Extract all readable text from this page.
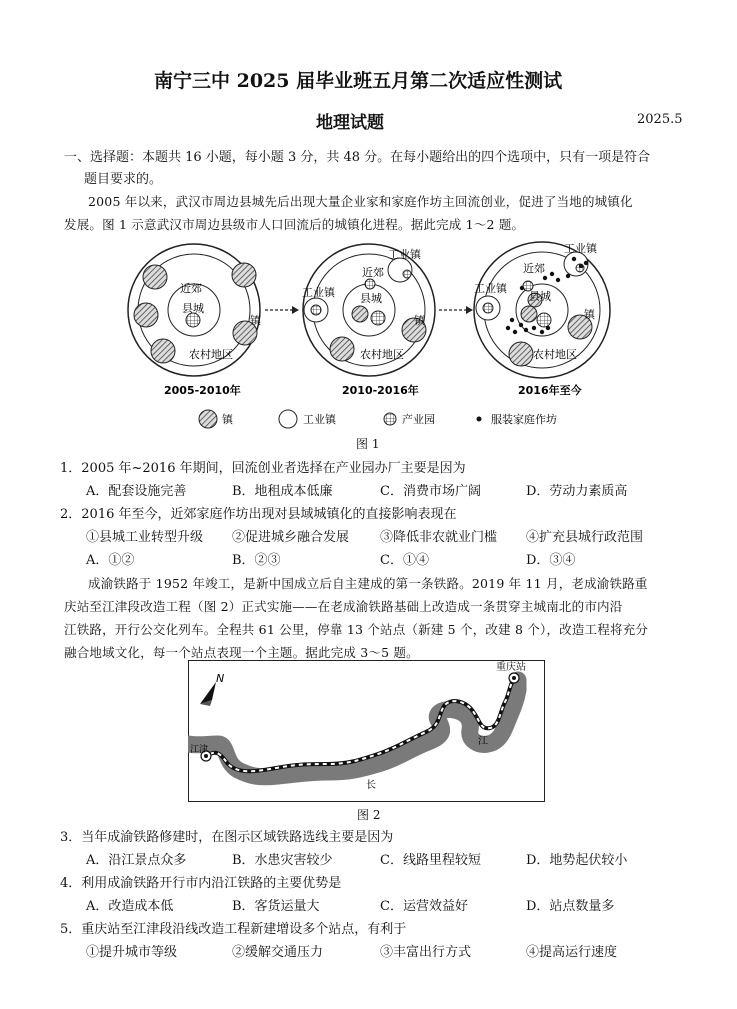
南宁三中 2025 届毕业班五月第二次适应性测试
地理试题	2025.5
一、选择题：本题共 16 小题，每小题 3 分，共 48 分。在每小题给出的四个选项中，只有一项是符合
题目要求的。
2005 年以来，武汉市周边县城先后出现大量企业家和家庭作坊主回流创业，促进了当地的城镇化
发展。图 1 示意武汉市周边县级市人口回流后的城镇化进程。据此完成 1～2 题。
近郊
县城
镇
农村地区
2005-2010年
工业镇
工业镇
近郊
县城
镇
农村地区
2010-2016年
工业镇
工业镇
近郊
县城
镇
农村地区
2016年至今
镇	工业镇	产业园	服装家庭作坊
图 1
1．2005 年~2016 年期间，回流创业者选择在产业园办厂主要是因为
A．配套设施完善	B．地租成本低廉	C．消费市场广阔	D．劳动力素质高
2．2016 年至今，近郊家庭作坊出现对县域城镇化的直接影响表现在
①县城工业转型升级 ②促进城乡融合发展 ③降低非农就业门槛 ④扩充县城行政范围
A．①②	B．②③	C．①④	D．③④
成渝铁路于 1952 年竣工，是新中国成立后自主建成的第一条铁路。2019 年 11 月，老成渝铁路重
庆站至江津段改造工程（图 2）正式实施——在老成渝铁路基础上改造成一条贯穿主城南北的市内沿
江铁路，开行公交化列车。全程共 61 公里，停靠 13 个站点（新建 5 个，改建 8 个），改造工程将充分
融合地域文化，每一个站点表现一个主题。据此完成 3～5 题。
重庆站
江津
江
长
N
图 2
3．当年成渝铁路修建时，在图示区域铁路选线主要是因为
A．沿江景点众多	B．水患灾害较少	C．线路里程较短	D．地势起伏较小
4．利用成渝铁路开行市内沿江铁路的主要优势是
A．改造成本低	B．客货运量大	C．运营效益好	D．站点数量多
5．重庆站至江津段沿线改造工程新建增设多个站点，有利于
①提升城市等级	②缓解交通压力	③丰富出行方式	④提高运行速度
